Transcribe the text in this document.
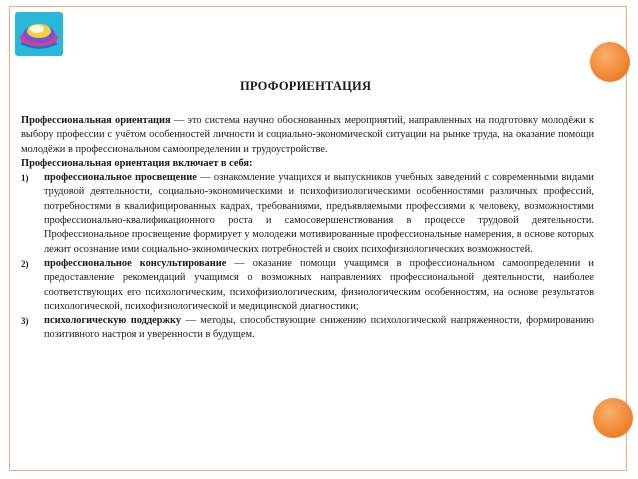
ПРОФОРИЕНТАЦИЯ

Профессиональная ориентация — это система научно обоснованных мероприятий, направленных на подготовку молодёжи к выбору профессии с учётом особенностей личности и социально-экономической ситуации на рынке труда, на оказание помощи молодёжи в профессиональном самоопределении и трудоустройстве.

Профессиональная ориентация включает в себя:

1) профессиональное просвещение — ознакомление учащихся и выпускников учебных заведений с современными видами трудовой деятельности, социально-экономическими и психофизиологическими особенностями различных профессий, потребностями в квалифицированных кадрах, требованиями, предъявляемыми профессиями к человеку, возможностями профессионально-квалификационного роста и самосовершенствования в процессе трудовой деятельности. Профессиональное просвещение формирует у молодежи мотивированные профессиональные намерения, в основе которых лежит осознание ими социально-экономических потребностей и своих психофизиологических возможностей.
2) профессиональное консультирование — оказание помощи учащимся в профессиональном самоопределении и предоставление рекомендаций учащимся о возможных направлениях профессиональной деятельности, наиболее соответствующих его психологическим, психофизиологическим, физиологическим особенностям, на основе результатов психологической, психофизиологической и медицинской диагностики;
3) психологическую поддержку — методы, способствующие снижению психологической напряженности, формированию позитивного настроя и уверенности в будущем.
